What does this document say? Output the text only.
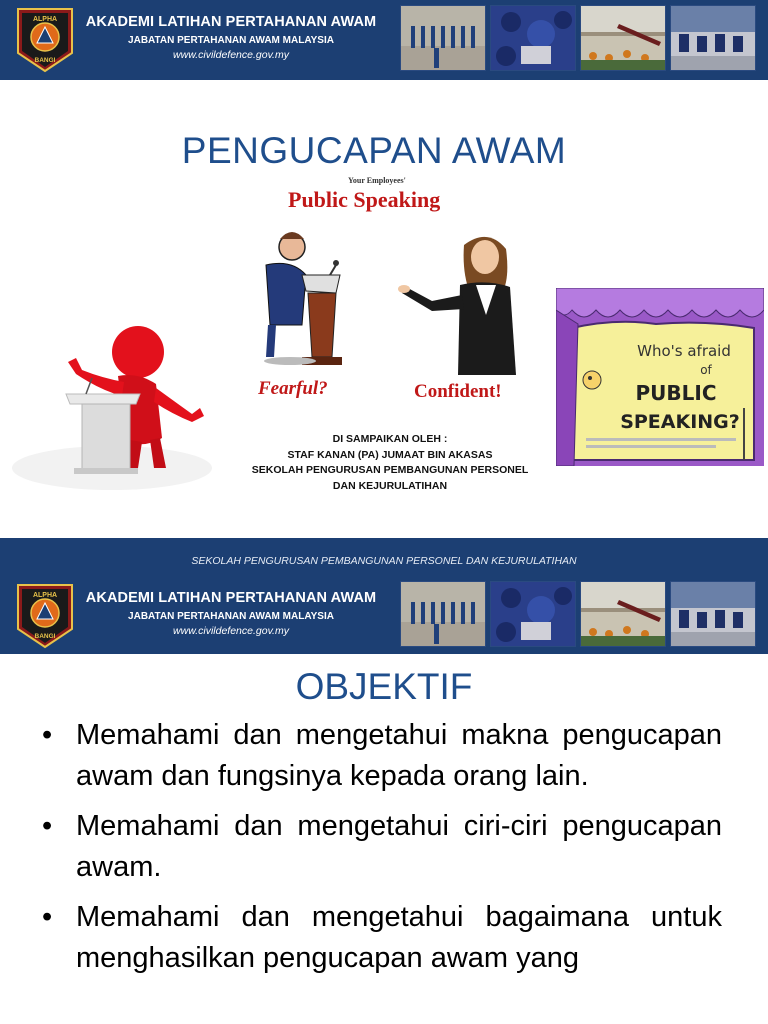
ALPHA
BANGI
AKADEMI LATIHAN PERTAHANAN AWAM
JABATAN PERTAHANAN AWAM MALAYSIA
www.civildefence.gov.my
PENGUCAPAN AWAM
Your Employees'
Public Speaking
Fearful?	Confident!
Who's afraid
of
PUBLIC
SPEAKING?
DI SAMPAIKAN OLEH :
STAF KANAN (PA) JUMAAT BIN AKASAS
SEKOLAH PENGURUSAN PEMBANGUNAN PERSONEL
DAN KEJURULATIHAN
SEKOLAH PENGURUSAN PEMBANGUNAN PERSONEL DAN KEJURULATIHAN
ALPHA
BANGI
AKADEMI LATIHAN PERTAHANAN AWAM
JABATAN PERTAHANAN AWAM MALAYSIA
www.civildefence.gov.my
OBJEKTIF
• Memahami dan mengetahui makna pengucapan awam dan fungsinya kepada orang lain.
• Memahami dan mengetahui ciri-ciri pengucapan awam.
• Memahami dan mengetahui bagaimana untuk menghasilkan pengucapan awam yang
